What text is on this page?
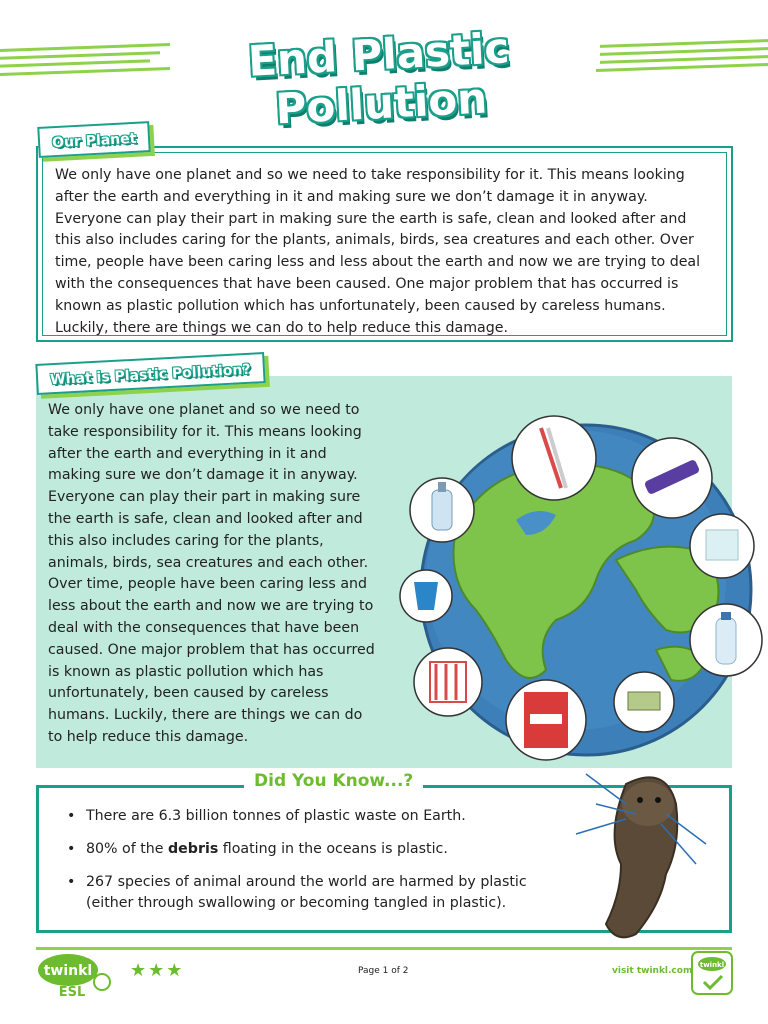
End Plastic Pollution

We only have one planet and so we need to take responsibility for it. This means looking after the earth and everything in it and making sure we don’t damage it in anyway. Everyone can play their part in making sure the earth is safe, clean and looked after and this also includes caring for the plants, animals, birds, sea creatures and each other. Over time, people have been caring less and less about the earth and now we are trying to deal with the consequences that have been caused. One major problem that has occurred is known as plastic pollution which has unfortunately, been caused by careless humans. Luckily, there are things we can do to help reduce this damage.

Our Planet

We only have one planet and so we need to take responsibility for it. This means looking after the earth and everything in it and making sure we don’t damage it in anyway. Everyone can play their part in making sure the earth is safe, clean and looked after and this also includes caring for the plants, animals, birds, sea creatures and each other. Over time, people have been caring less and less about the earth and now we are trying to deal with the consequences that have been caused. One major problem that has occurred is known as plastic pollution which has unfortunately, been caused by careless humans. Luckily, there are things we can do to help reduce this damage.

What is Plastic Pollution?
• There are 6.3 billion tonnes of plastic waste on Earth.
• 80% of the debris floating in the oceans is plastic.
• 267 species of animal around the world are harmed by plastic (either through swallowing or becoming tangled in plastic).
Did You Know...?
twinkl
ESL
★★★	Page 1 of 2	visit twinkl.com
twinkl
